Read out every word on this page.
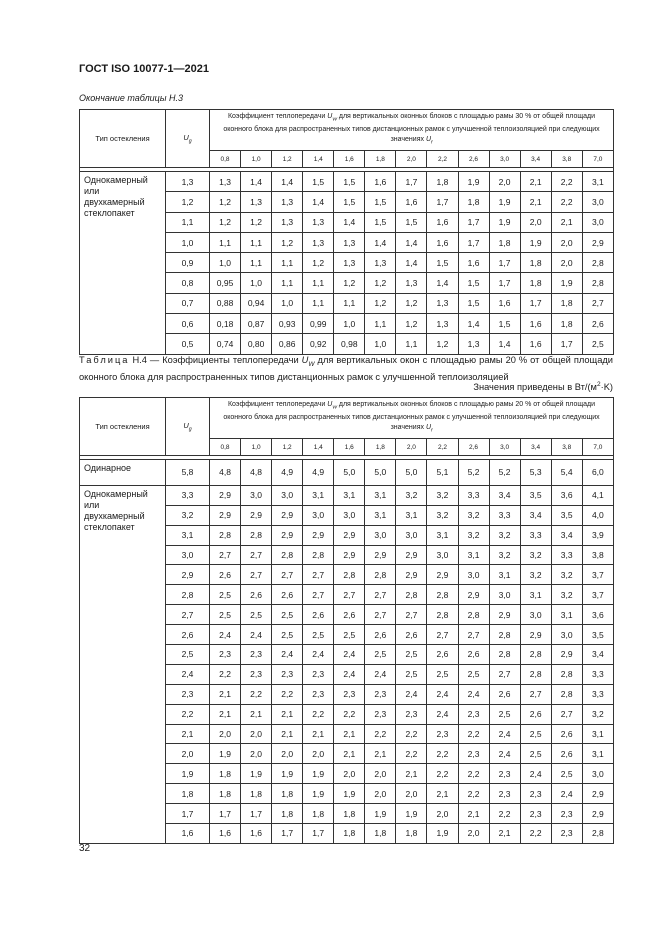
ГОСТ ISO 10077-1—2021
Окончание таблицы Н.3
Тип остекления	$U_g$	Коэффициент теплопередачи $U_W$ для вертикальных оконных блоков с площадью рамы 30 % от общей площади оконного блока для распространенных типов дистанционных рамок с улучшенной теплоизоляцией при следующих значениях $U_f$
		0,8	1,0	1,2	1,4	1,6	1,8	2,0	2,2	2,6	3,0	3,4	3,8	7,0

Однокамерный или двухкамерный стеклопакет	1,3	1,3	1,4	1,4	1,5	1,5	1,6	1,7	1,8	1,9	2,0	2,1	2,2	3,1
	1,2	1,2	1,3	1,3	1,4	1,5	1,5	1,6	1,7	1,8	1,9	2,1	2,2	3,0
	1,1	1,2	1,2	1,3	1,3	1,4	1,5	1,5	1,6	1,7	1,9	2,0	2,1	3,0
	1,0	1,1	1,1	1,2	1,3	1,3	1,4	1,4	1,6	1,7	1,8	1,9	2,0	2,9
	0,9	1,0	1,1	1,1	1,2	1,3	1,3	1,4	1,5	1,6	1,7	1,8	2,0	2,8
	0,8	0,95	1,0	1,1	1,1	1,2	1,2	1,3	1,4	1,5	1,7	1,8	1,9	2,8
	0,7	0,88	0,94	1,0	1,1	1,1	1,2	1,2	1,3	1,5	1,6	1,7	1,8	2,7
	0,6	0,18	0,87	0,93	0,99	1,0	1,1	1,2	1,3	1,4	1,5	1,6	1,8	2,6
	0,5	0,74	0,80	0,86	0,92	0,98	1,0	1,1	1,2	1,3	1,4	1,6	1,7	2,5
Таблица Н.4 — Коэффициенты теплопередачи $U_W$ для вертикальных окон с площадью рамы 20 % от общей площади оконного блока для распространенных типов дистанционных рамок с улучшенной теплоизоляцией
Значения приведены в $Вт/(м^2\cdot K)$
Тип остекления	$U_g$	Коэффициент теплопередачи $U_W$ для вертикальных оконных блоков с площадью рамы 20 % от общей площади оконного блока для распространенных типов дистанционных рамок с улучшенной теплоизоляцией при следующих значениях $U_f$
		0,8	1,0	1,2	1,4	1,6	1,8	2,0	2,2	2,6	3,0	3,4	3,8	7,0

Одинарное	5,8	4,8	4,8	4,9	4,9	5,0	5,0	5,0	5,1	5,2	5,2	5,3	5,4	6,0
Однокамерный или двухкамерный стеклопакет	3,3	2,9	3,0	3,0	3,1	3,1	3,1	3,2	3,2	3,3	3,4	3,5	3,6	4,1
	3,2	2,9	2,9	2,9	3,0	3,0	3,1	3,1	3,2	3,2	3,3	3,4	3,5	4,0
	3,1	2,8	2,8	2,9	2,9	2,9	3,0	3,0	3,1	3,2	3,2	3,3	3,4	3,9
	3,0	2,7	2,7	2,8	2,8	2,9	2,9	2,9	3,0	3,1	3,2	3,2	3,3	3,8
	2,9	2,6	2,7	2,7	2,7	2,8	2,8	2,9	2,9	3,0	3,1	3,2	3,2	3,7
	2,8	2,5	2,6	2,6	2,7	2,7	2,7	2,8	2,8	2,9	3,0	3,1	3,2	3,7
	2,7	2,5	2,5	2,5	2,6	2,6	2,7	2,7	2,8	2,8	2,9	3,0	3,1	3,6
	2,6	2,4	2,4	2,5	2,5	2,5	2,6	2,6	2,7	2,7	2,8	2,9	3,0	3,5
	2,5	2,3	2,3	2,4	2,4	2,4	2,5	2,5	2,6	2,6	2,8	2,8	2,9	3,4
	2,4	2,2	2,3	2,3	2,3	2,4	2,4	2,5	2,5	2,5	2,7	2,8	2,8	3,3
	2,3	2,1	2,2	2,2	2,3	2,3	2,3	2,4	2,4	2,4	2,6	2,7	2,8	3,3
	2,2	2,1	2,1	2,1	2,2	2,2	2,3	2,3	2,4	2,3	2,5	2,6	2,7	3,2
	2,1	2,0	2,0	2,1	2,1	2,1	2,2	2,2	2,3	2,2	2,4	2,5	2,6	3,1
	2,0	1,9	2,0	2,0	2,0	2,1	2,1	2,2	2,2	2,3	2,4	2,5	2,6	3,1
	1,9	1,8	1,9	1,9	1,9	2,0	2,0	2,1	2,2	2,2	2,3	2,4	2,5	3,0
	1,8	1,8	1,8	1,8	1,9	1,9	2,0	2,0	2,1	2,2	2,3	2,3	2,4	2,9
	1,7	1,7	1,7	1,8	1,8	1,8	1,9	1,9	2,0	2,1	2,2	2,3	2,3	2,9
	1,6	1,6	1,6	1,7	1,7	1,8	1,8	1,8	1,9	2,0	2,1	2,2	2,3	2,8
32
